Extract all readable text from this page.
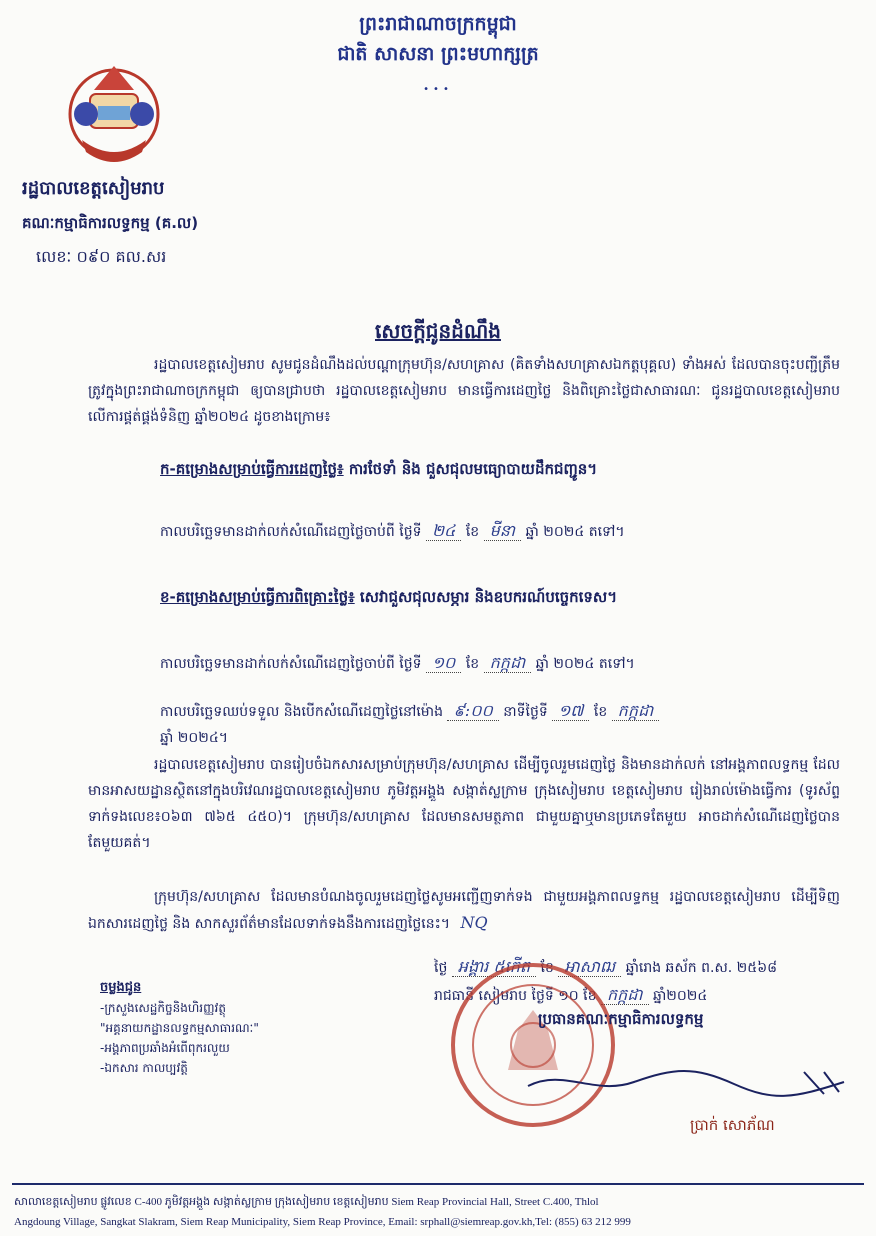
ព្រះរាជាណាចក្រកម្ពុជា
ជាតិ សាសនា ព្រះមហាក្សត្រ
•••
រដ្ឋបាលខេត្តសៀមរាប
គណៈកម្មាធិការលទ្ធកម្ម (គ.ល)
លេខៈ ០៩០ គល.សរ
សេចក្ដីជូនដំណឹង
រដ្ឋបាលខេត្តសៀមរាប សូមជូនដំណឹងដល់បណ្ដាក្រុមហ៊ុន/សហគ្រាស (គិតទាំងសហគ្រាសឯកត្តបុគ្គល) ទាំងអស់ ដែលបានចុះបញ្ជីត្រឹមត្រូវក្នុងព្រះរាជាណាចក្រកម្ពុជា ឲ្យបានជ្រាបថា រដ្ឋបាលខេត្តសៀមរាប មានធ្វើការដេញថ្លៃ និងពិគ្រោះថ្លៃជាសាធារណៈ ជូនរដ្ឋបាលខេត្តសៀមរាប លើការផ្គត់ផ្គង់ទំនិញ ឆ្នាំ២០២៤ ដូចខាងក្រោម៖
ក-គម្រោងសម្រាប់ធ្វើការដេញថ្លៃ៖ ការថែទាំ និង ជួសជុលមធ្យោបាយដឹកជញ្ជូន។
កាលបរិច្ឆេទមានដាក់លក់សំណើដេញថ្លៃចាប់ពី ថ្ងៃទី ២៤ ខែ មីនា ឆ្នាំ ២០២៤ តទៅ។
ខ-គម្រោងសម្រាប់ធ្វើការពិគ្រោះថ្លៃ៖ សេវាជួសជុលសម្ភារ និងឧបករណ៍បច្ចេកទេស។
កាលបរិច្ឆេទមានដាក់លក់សំណើដេញថ្លៃចាប់ពី ថ្ងៃទី ១០ ខែ កក្កដា ឆ្នាំ ២០២៤ តទៅ។
កាលបរិច្ឆេទឈប់ទទួល និងបើកសំណើដេញថ្លៃនៅម៉ោង ៩:០០ នាទីថ្ងៃទី ១៧ ខែ កក្កដា
ឆ្នាំ ២០២៤។
រដ្ឋបាលខេត្តសៀមរាប បានរៀបចំឯកសារសម្រាប់ក្រុមហ៊ុន/សហគ្រាស ដើម្បីចូលរួមដេញថ្លៃ និងមានដាក់លក់ នៅអង្គភាពលទ្ធកម្ម ដែលមានអាសយដ្ឋានស្ថិតនៅក្នុងបរិវេណរដ្ឋបាលខេត្តសៀមរាប ភូមិវត្តអង្គួង សង្កាត់ស្លក្រាម ក្រុងសៀមរាប ខេត្តសៀមរាប រៀងរាល់ម៉ោងធ្វើការ (ទូរស័ព្ទទាក់ទងលេខ៖០៦៣ ៧៦៥ ៤៥០)។ ក្រុមហ៊ុន/សហគ្រាស ដែលមានសមត្ថភាព ជាមួយគ្នាឬមានប្រភេទតែមួយ អាចដាក់សំណើដេញថ្លៃបានតែមួយគត់។
ក្រុមហ៊ុន/សហគ្រាស ដែលមានបំណងចូលរួមដេញថ្លៃសូមអញ្ជើញទាក់ទង ជាមួយអង្គភាពលទ្ធកម្ម រដ្ឋបាលខេត្តសៀមរាប ដើម្បីទិញឯកសារដេញថ្លៃ និង សាកសួរព័ត៌មានដែលទាក់ទងនឹងការដេញថ្លៃនេះ។ NQ
ថ្ងៃ អង្គារ ៥កើត ខែ អាសាឍ ឆ្នាំរោង ឆស័ក ព.ស. ២៥៦៨
រាជធានី សៀមរាប ថ្ងៃទី ១០ ខែ កក្កដា ឆ្នាំ២០២៤
ប្រធានគណៈកម្មាធិការលទ្ធកម្ម
ប្រាក់ សោភ័ណ
ចម្លងជូន
-ក្រសួងសេដ្ឋកិច្ចនិងហិរញ្ញវត្ថុ
"អគ្គនាយកដ្ឋានលទ្ធកម្មសាធារណៈ"
-អង្គភាពប្រឆាំងអំពើពុករលួយ
-ឯកសារ កាលប្បវត្តិ
សាលាខេត្តសៀមរាប ផ្លូវលេខ C-400 ភូមិវត្តអង្គួង សង្កាត់ស្លក្រាម ក្រុងសៀមរាប ខេត្តសៀមរាប Siem Reap Provincial Hall, Street C.400, Thlol
Angdoung Village, Sangkat Slakram, Siem Reap Municipality, Siem Reap Province, Email: srphall@siemreap.gov.kh,Tel: (855) 63 212 999
